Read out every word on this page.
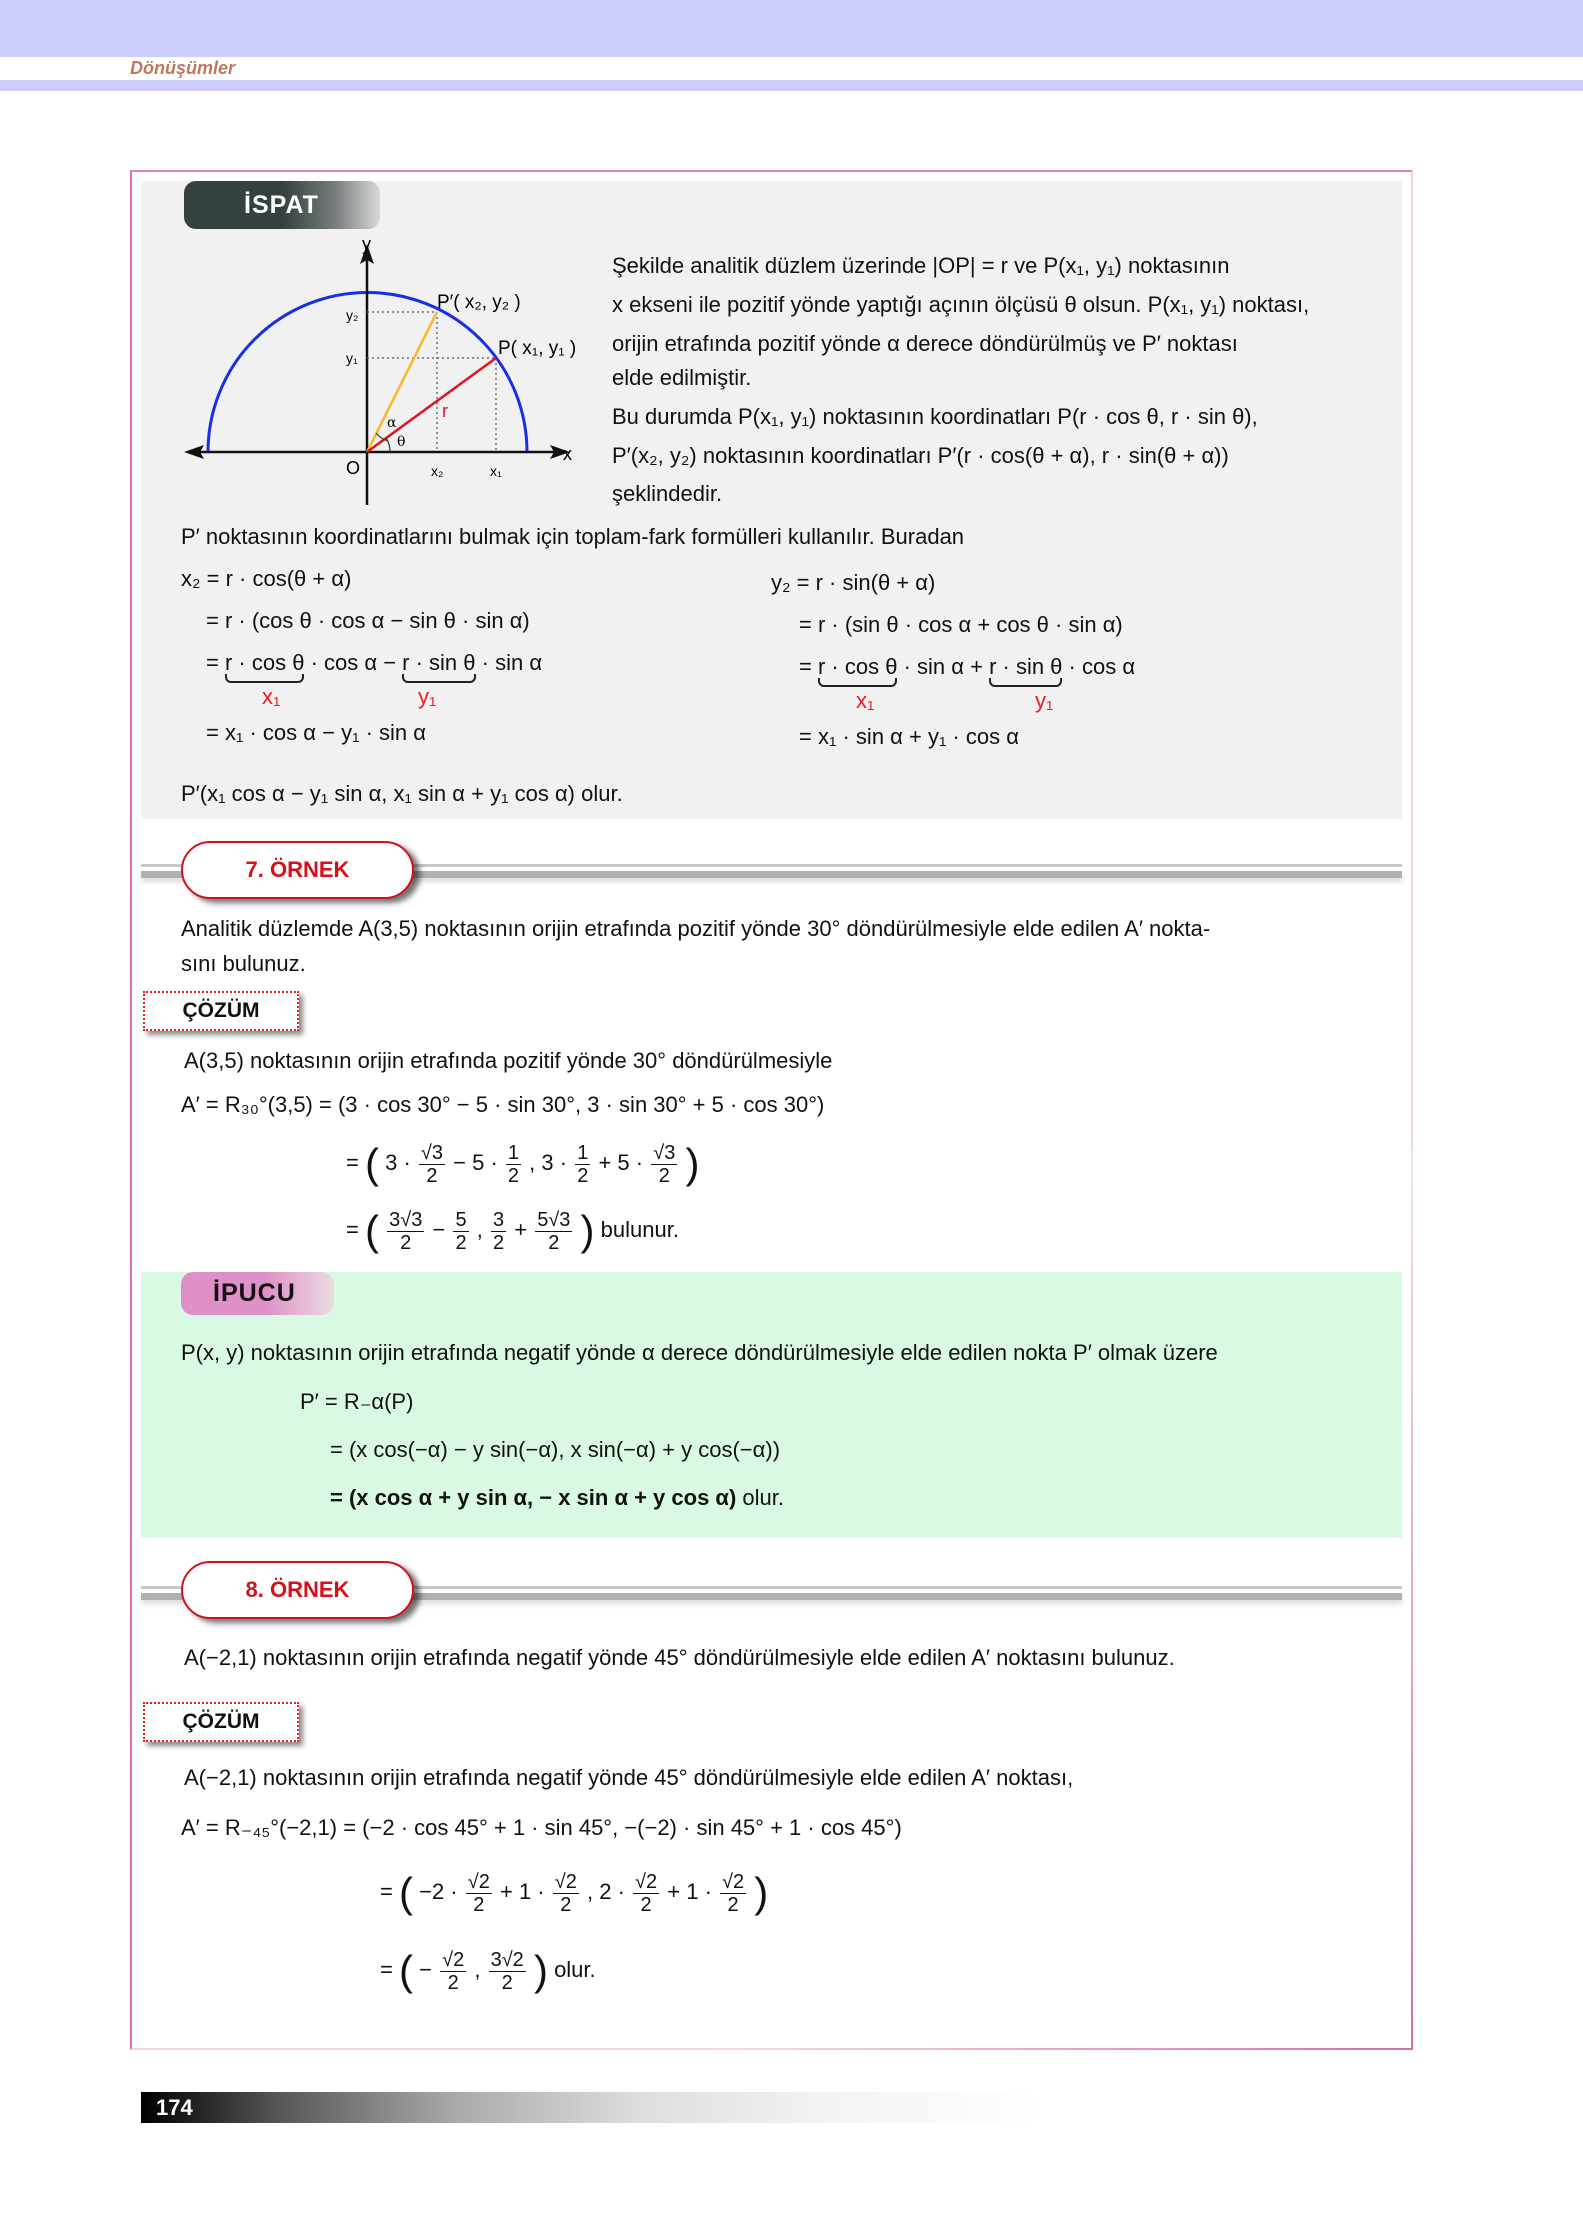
Dönüşümler
İSPAT
y
x
O
P′( x₂, y₂ )
P( x₁, y₁ )
y₂
y₁
x₂	x₁
r
α
θ
Şekilde analitik düzlem üzerinde |OP| = r ve P(x₁, y₁) noktasının
x ekseni ile pozitif yönde yaptığı açının ölçüsü θ olsun. P(x₁, y₁) noktası,
orijin etrafında pozitif yönde α derece döndürülmüş ve P′ noktası
elde edilmiştir.
Bu durumda P(x₁, y₁) noktasının koordinatları P(r · cos θ, r · sin θ),
P′(x₂, y₂) noktasının koordinatları P′(r · cos(θ + α), r · sin(θ + α))
şeklindedir.
P′ noktasının koordinatlarını bulmak için toplam-fark formülleri kullanılır. Buradan
x₂ = r · cos(θ + α)
= r · (cos θ · cos α − sin θ · sin α)
= r · cos θ · cos α − r · sin θ · sin α
x₁	y₁
= x₁ · cos α − y₁ · sin α
y₂ = r · sin(θ + α)
= r · (sin θ · cos α + cos θ · sin α)
= r · cos θ · sin α + r · sin θ · cos α
x₁	y₁
= x₁ · sin α + y₁ · cos α
P′(x₁ cos α − y₁ sin α, x₁ sin α + y₁ cos α) olur.
7. ÖRNEK
Analitik düzlemde A(3,5) noktasının orijin etrafında pozitif yönde 30° döndürülmesiyle elde edilen A′ nokta-
sını bulunuz.
ÇÖZÜM
A(3,5) noktasının orijin etrafında pozitif yönde 30° döndürülmesiyle
A′ = R₃₀°(3,5) = (3 · cos 30° − 5 · sin 30°, 3 · sin 30° + 5 · cos 30°)
= ( $3 \cdot \frac{√3}{2} - 5 \cdot \frac{1}{2}$ , $3 \cdot \frac{1}{2} + 5 \cdot \frac{√3}{2}$ )
= ( $\frac{3√3}{2} - \frac{5}{2}$ , $\frac{3}{2} + \frac{5√3}{2}$ ) bulunur.
İPUCU
P(x, y) noktasının orijin etrafında negatif yönde α derece döndürülmesiyle elde edilen nokta P′ olmak üzere
P′ = R₋α(P)
= (x cos(−α) − y sin(−α), x sin(−α) + y cos(−α))
= (x cos α + y sin α, − x sin α + y cos α) olur.
8. ÖRNEK
A(−2,1) noktasının orijin etrafında negatif yönde 45° döndürülmesiyle elde edilen A′ noktasını bulunuz.
ÇÖZÜM
A(−2,1) noktasının orijin etrafında negatif yönde 45° döndürülmesiyle elde edilen A′ noktası,
A′ = R₋₄₅°(−2,1) = (−2 · cos 45° + 1 · sin 45°, −(−2) · sin 45° + 1 · cos 45°)
= ( $-2 \cdot \frac{√2}{2} + 1 \cdot \frac{√2}{2}$ , $2 \cdot \frac{√2}{2} + 1 \cdot \frac{√2}{2}$ )
= ( − $\frac{√2}{2}$ , $\frac{3√2}{2}$ ) olur.
174
